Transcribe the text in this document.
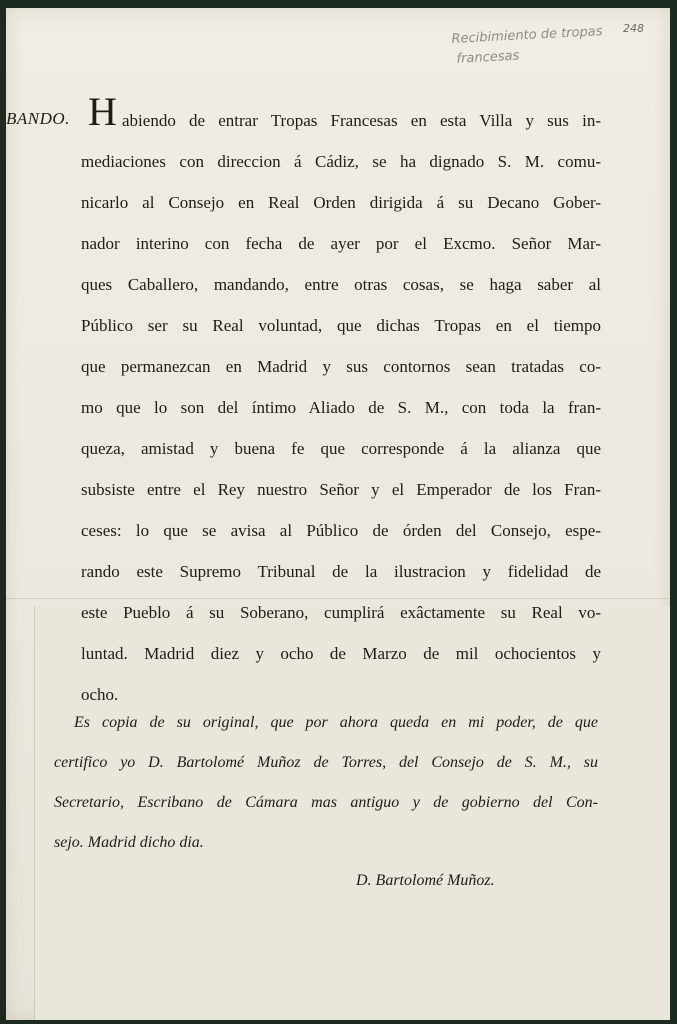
Recibimiento de tropas
francesas
248
BANDO. H abiendo de entrar Tropas Francesas en esta Villa y sus in-
mediaciones con direccion á Cádiz, se ha dignado S. M. comu-
nicarlo al Consejo en Real Orden dirigida á su Decano Gober-
nador interino con fecha de ayer por el Excmo. Señor Mar-
ques Caballero, mandando, entre otras cosas, se haga saber al
Público ser su Real voluntad, que dichas Tropas en el tiempo
que permanezcan en Madrid y sus contornos sean tratadas co-
mo que lo son del íntimo Aliado de S. M., con toda la fran-
queza, amistad y buena fe que corresponde á la alianza que
subsiste entre el Rey nuestro Señor y el Emperador de los Fran-
ceses: lo que se avisa al Público de órden del Consejo, espe-
rando este Supremo Tribunal de la ilustracion y fidelidad de
este Pueblo á su Soberano, cumplirá exâctamente su Real vo-
luntad. Madrid diez y ocho de Marzo de mil ochocientos y
ocho.
Es copia de su original, que por ahora queda en mi poder, de que
certifico yo D. Bartolomé Muñoz de Torres, del Consejo de S. M., su
Secretario, Escribano de Cámara mas antiguo y de gobierno del Con-
sejo. Madrid dicho dia.
D. Bartolomé Muñoz.
